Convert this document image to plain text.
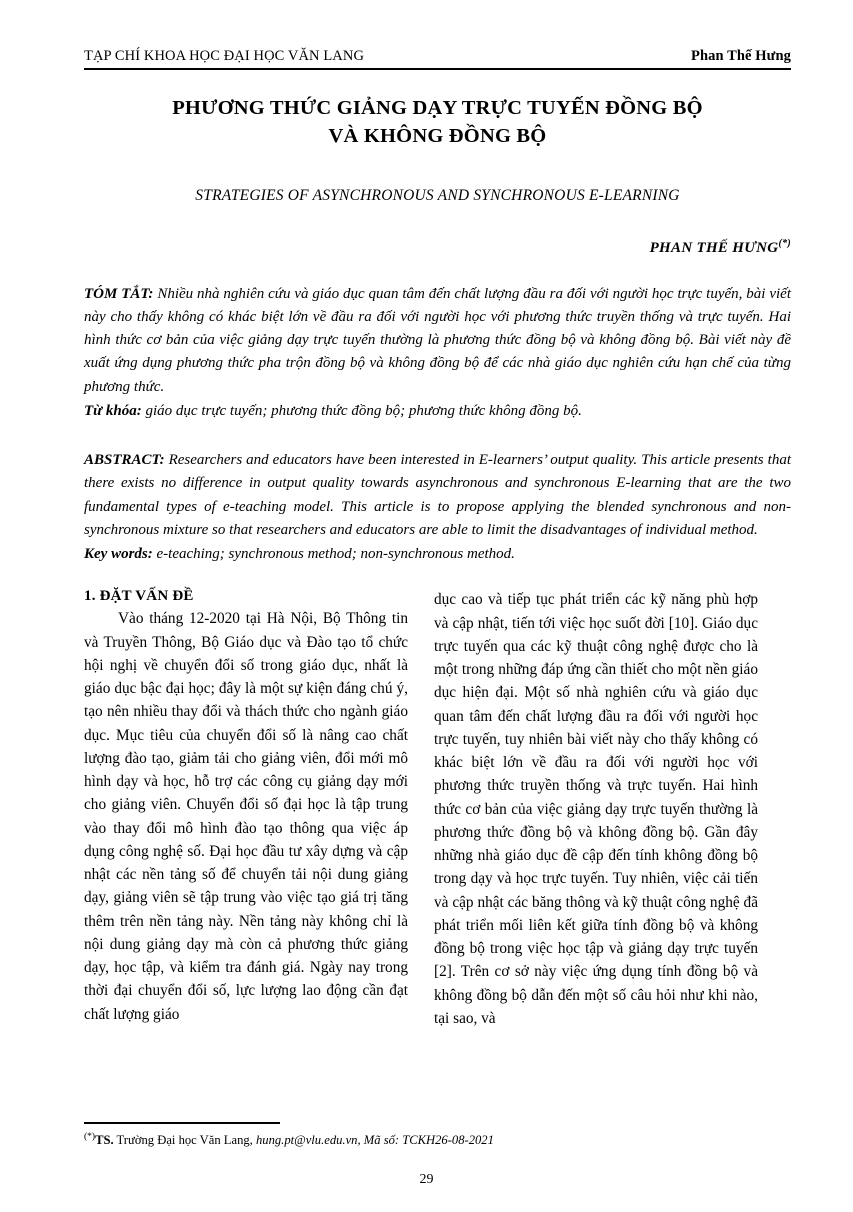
TẠP CHÍ KHOA HỌC ĐẠI HỌC VĂN LANG	Phan Thế Hưng
PHƯƠNG THỨC GIẢNG DẠY TRỰC TUYẾN ĐỒNG BỘ
VÀ KHÔNG ĐỒNG BỘ
STRATEGIES OF ASYNCHRONOUS AND SYNCHRONOUS E-LEARNING
PHAN THẾ HƯNG(*)
TÓM TẮT: Nhiều nhà nghiên cứu và giáo dục quan tâm đến chất lượng đầu ra đối với người học trực tuyến, bài viết này cho thấy không có khác biệt lớn về đầu ra đối với người học với phương thức truyền thống và trực tuyến. Hai hình thức cơ bản của việc giảng dạy trực tuyến thường là phương thức đồng bộ và không đồng bộ. Bài viết này đề xuất ứng dụng phương thức pha trộn đồng bộ và không đồng bộ để các nhà giáo dục nghiên cứu hạn chế của từng phương thức.
Từ khóa: giáo dục trực tuyến; phương thức đồng bộ; phương thức không đồng bộ.
ABSTRACT: Researchers and educators have been interested in E-learners’ output quality. This article presents that there exists no difference in output quality towards asynchronous and synchronous E-learning that are the two fundamental types of e-teaching model. This article is to propose applying the blended synchronous and non-synchronous mixture so that researchers and educators are able to limit the disadvantages of individual method.
Key words: e-teaching; synchronous method; non-synchronous method.
1. ĐẶT VẤN ĐỀ

Vào tháng 12-2020 tại Hà Nội, Bộ Thông tin và Truyền Thông, Bộ Giáo dục và Đào tạo tổ chức hội nghị về chuyển đổi số trong giáo dục, nhất là giáo dục bậc đại học; đây là một sự kiện đáng chú ý, tạo nên nhiều thay đổi và thách thức cho ngành giáo dục. Mục tiêu của chuyển đổi số là nâng cao chất lượng đào tạo, giảm tải cho giảng viên, đổi mới mô hình dạy và học, hỗ trợ các công cụ giảng dạy mới cho giảng viên. Chuyển đổi số đại học là tập trung vào thay đổi mô hình đào tạo thông qua việc áp dụng công nghệ số. Đại học đầu tư xây dựng và cập nhật các nền tảng số để chuyển tải nội dung giảng dạy, giảng viên sẽ tập trung vào việc tạo giá trị tăng thêm trên nền tảng này. Nền tảng này không chỉ là nội dung giảng dạy mà còn cả phương thức giảng dạy, học tập, và kiểm tra đánh giá. Ngày nay trong thời đại chuyển đổi số, lực lượng lao động cần đạt chất lượng giáo

dục cao và tiếp tục phát triển các kỹ năng phù hợp và cập nhật, tiến tới việc học suốt đời [10]. Giáo dục trực tuyến qua các kỹ thuật công nghệ được cho là một trong những đáp ứng cần thiết cho một nền giáo dục hiện đại. Một số nhà nghiên cứu và giáo dục quan tâm đến chất lượng đầu ra đối với người học trực tuyến, tuy nhiên bài viết này cho thấy không có khác biệt lớn về đầu ra đối với người học với phương thức truyền thống và trực tuyến. Hai hình thức cơ bản của việc giảng dạy trực tuyến thường là phương thức đồng bộ và không đồng bộ. Gần đây những nhà giáo dục đề cập đến tính không đồng bộ trong dạy và học trực tuyến. Tuy nhiên, việc cải tiến và cập nhật các băng thông và kỹ thuật công nghệ đã phát triển mối liên kết giữa tính đồng bộ và không đồng bộ trong việc học tập và giảng dạy trực tuyến [2]. Trên cơ sở này việc ứng dụng tính đồng bộ và không đồng bộ dẫn đến một số câu hỏi như khi nào, tại sao, và

(*)TS. Trường Đại học Văn Lang, hung.pt@vlu.edu.vn, Mã số: TCKH26-08-2021
29
